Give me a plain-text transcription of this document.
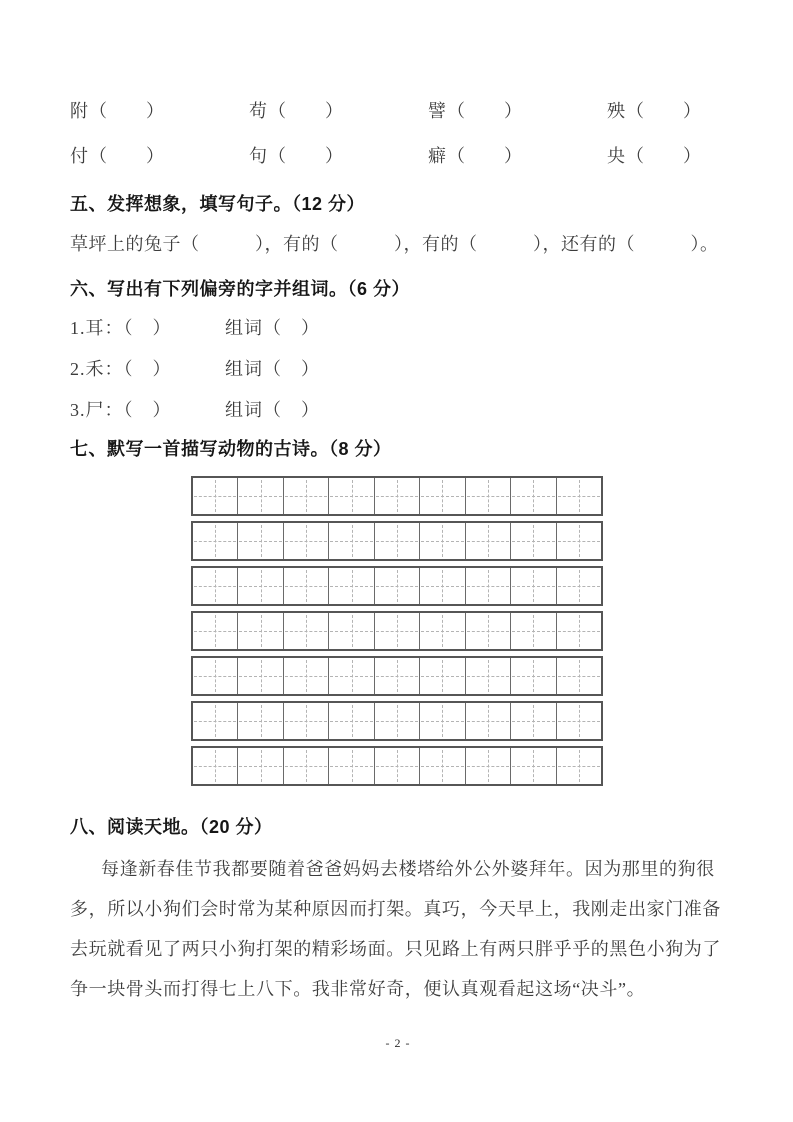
附（　　）	苟（　　）	譬（　　）	殃（　　）
付（　　）	句（　　）	癖（　　）	央（　　）
五、发挥想象，填写句子。（12 分）
草坪上的兔子（　　　），有的（　　　），有的（　　　），还有的（　　　）。
六、写出有下列偏旁的字并组词。（6 分）
1.耳：（　）	组词（　）
2.禾：（　）	组词（　）
3.尸：（　）	组词（　）
七、默写一首描写动物的古诗。（8 分）
八、阅读天地。（20 分）
每逢新春佳节我都要随着爸爸妈妈去楼塔给外公外婆拜年。因为那里的狗很
多，所以小狗们会时常为某种原因而打架。真巧，今天早上，我刚走出家门准备
去玩就看见了两只小狗打架的精彩场面。只见路上有两只胖乎乎的黑色小狗为了
争一块骨头而打得七上八下。我非常好奇，便认真观看起这场“决斗”。
- 2 -
